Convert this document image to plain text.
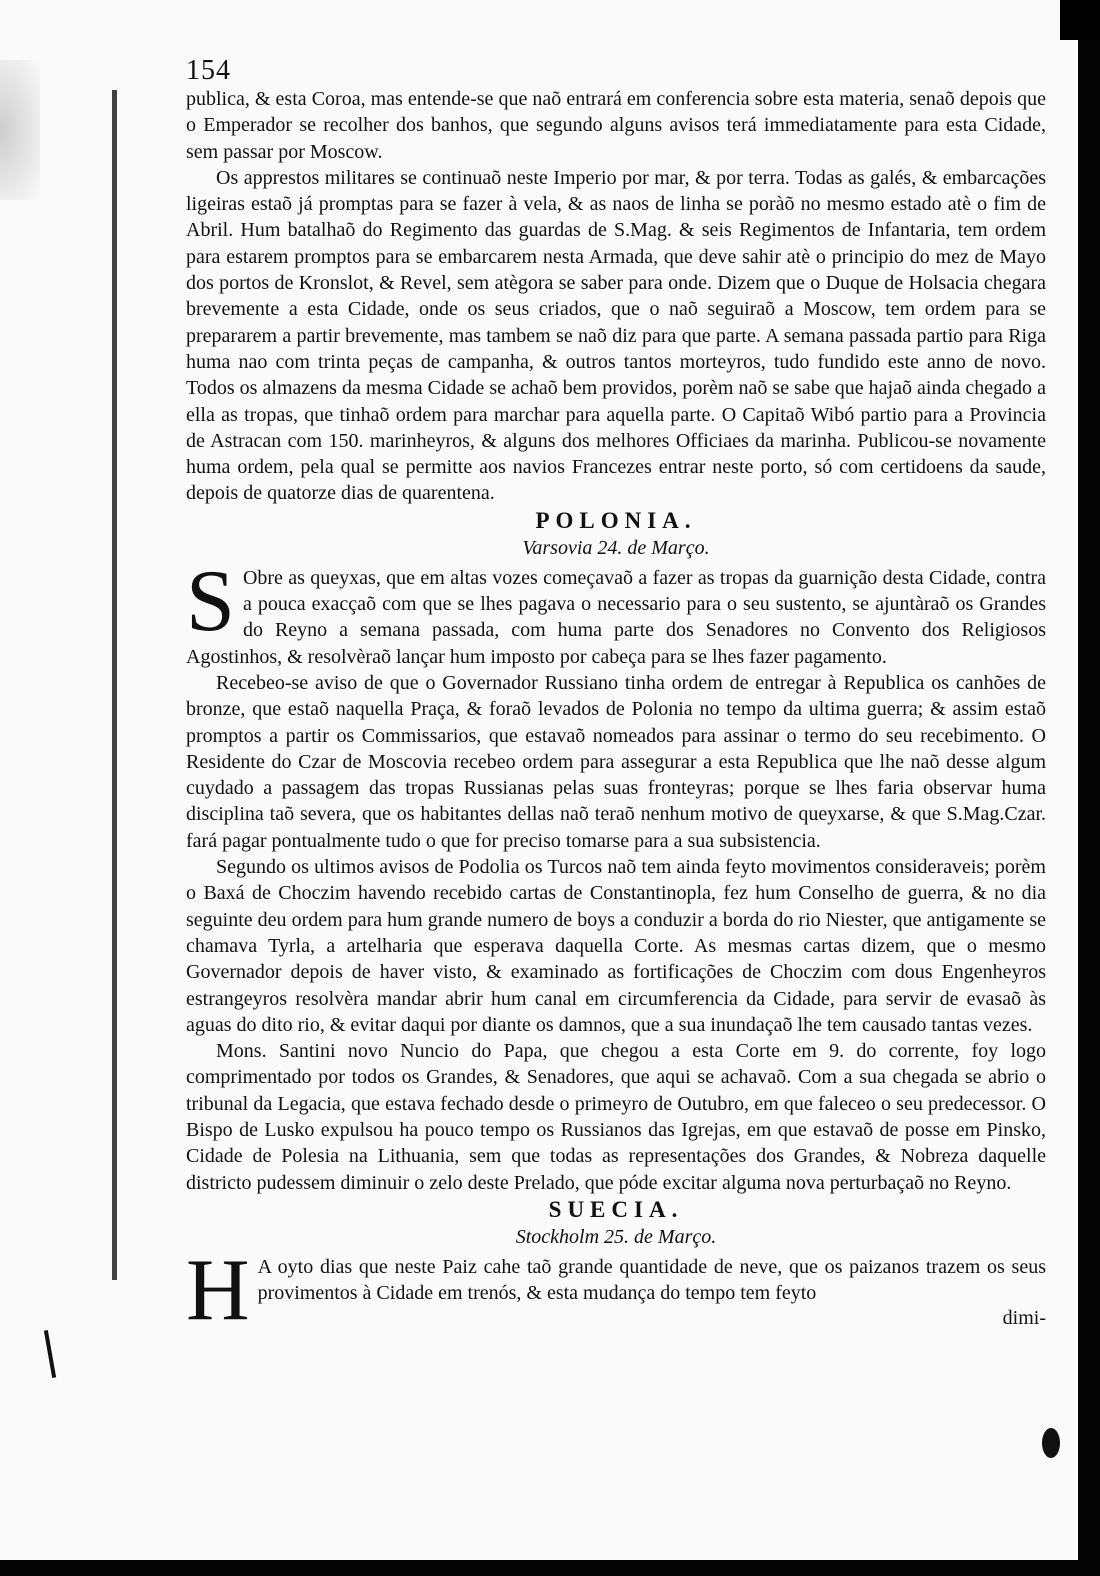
154

publica, & esta Coroa, mas entende-se que naõ entrará em conferencia sobre esta materia, senaõ depois que o Emperador se recolher dos banhos, que segundo alguns avisos terá immediatamente para esta Cidade, sem passar por Moscow.

Os apprestos militares se continuaõ neste Imperio por mar, & por terra. Todas as galés, & embarcações ligeiras estaõ já promptas para se fazer à vela, & as naos de linha se poràõ no mesmo estado atè o fim de Abril. Hum batalhaõ do Regimento das guardas de S.Mag. & seis Regimentos de Infantaria, tem ordem para estarem promptos para se embarcarem nesta Armada, que deve sahir atè o principio do mez de Mayo dos portos de Kronslot, & Revel, sem atègora se saber para onde. Dizem que o Duque de Holsacia chegara brevemente a esta Cidade, onde os seus criados, que o naõ seguiraõ a Moscow, tem ordem para se prepararem a partir brevemente, mas tambem se naõ diz para que parte. A semana passada partio para Riga huma nao com trinta peças de campanha, & outros tantos morteyros, tudo fundido este anno de novo. Todos os almazens da mesma Cidade se achaõ bem providos, porèm naõ se sabe que hajaõ ainda chegado a ella as tropas, que tinhaõ ordem para marchar para aquella parte. O Capitaõ Wibó partio para a Provincia de Astracan com 150. marinheyros, & alguns dos melhores Officiaes da marinha. Publicou-se novamente huma ordem, pela qual se permitte aos navios Francezes entrar neste porto, só com certidoens da saude, depois de quatorze dias de quarentena.

POLONIA.
Varsovia 24. de Março.

S Obre as queyxas, que em altas vozes começavaõ a fazer as tropas da guarnição desta Cidade, contra a pouca exacçaõ com que se lhes pagava o necessario para o seu sustento, se ajuntàraõ os Grandes do Reyno a semana passada, com huma parte dos Senadores no Convento dos Religiosos Agostinhos, & resolvèraõ lançar hum imposto por cabeça para se lhes fazer pagamento.

Recebeo-se aviso de que o Governador Russiano tinha ordem de entregar à Republica os canhões de bronze, que estaõ naquella Praça, & foraõ levados de Polonia no tempo da ultima guerra; & assim estaõ promptos a partir os Commissarios, que estavaõ nomeados para assinar o termo do seu recebimento. O Residente do Czar de Moscovia recebeo ordem para assegurar a esta Republica que lhe naõ desse algum cuydado a passagem das tropas Russianas pelas suas fronteyras; porque se lhes faria observar huma disciplina taõ severa, que os habitantes dellas naõ teraõ nenhum motivo de queyxarse, & que S.Mag.Czar. fará pagar pontualmente tudo o que for preciso tomarse para a sua subsistencia.

Segundo os ultimos avisos de Podolia os Turcos naõ tem ainda feyto movimentos consideraveis; porèm o Baxá de Choczim havendo recebido cartas de Constantinopla, fez hum Conselho de guerra, & no dia seguinte deu ordem para hum grande numero de boys a conduzir a borda do rio Niester, que antigamente se chamava Tyrla, a artelharia que esperava daquella Corte. As mesmas cartas dizem, que o mesmo Governador depois de haver visto, & examinado as fortificações de Choczim com dous Engenheyros estrangeyros resolvèra mandar abrir hum canal em circumferencia da Cidade, para servir de evasaõ às aguas do dito rio, & evitar daqui por diante os damnos, que a sua inundaçaõ lhe tem causado tantas vezes.

Mons. Santini novo Nuncio do Papa, que chegou a esta Corte em 9. do corrente, foy logo comprimentado por todos os Grandes, & Senadores, que aqui se achavaõ. Com a sua chegada se abrio o tribunal da Legacia, que estava fechado desde o primeyro de Outubro, em que faleceo o seu predecessor. O Bispo de Lusko expulsou ha pouco tempo os Russianos das Igrejas, em que estavaõ de posse em Pinsko, Cidade de Polesia na Lithuania, sem que todas as representações dos Grandes, & Nobreza daquelle districto pudessem diminuir o zelo deste Prelado, que póde excitar alguma nova perturbaçaõ no Reyno.

SUECIA.
Stockholm 25. de Março.

H A oyto dias que neste Paiz cahe taõ grande quantidade de neve, que os paizanos trazem os seus provimentos à Cidade em trenós, & esta mudança do tempo tem feyto

dimi-
